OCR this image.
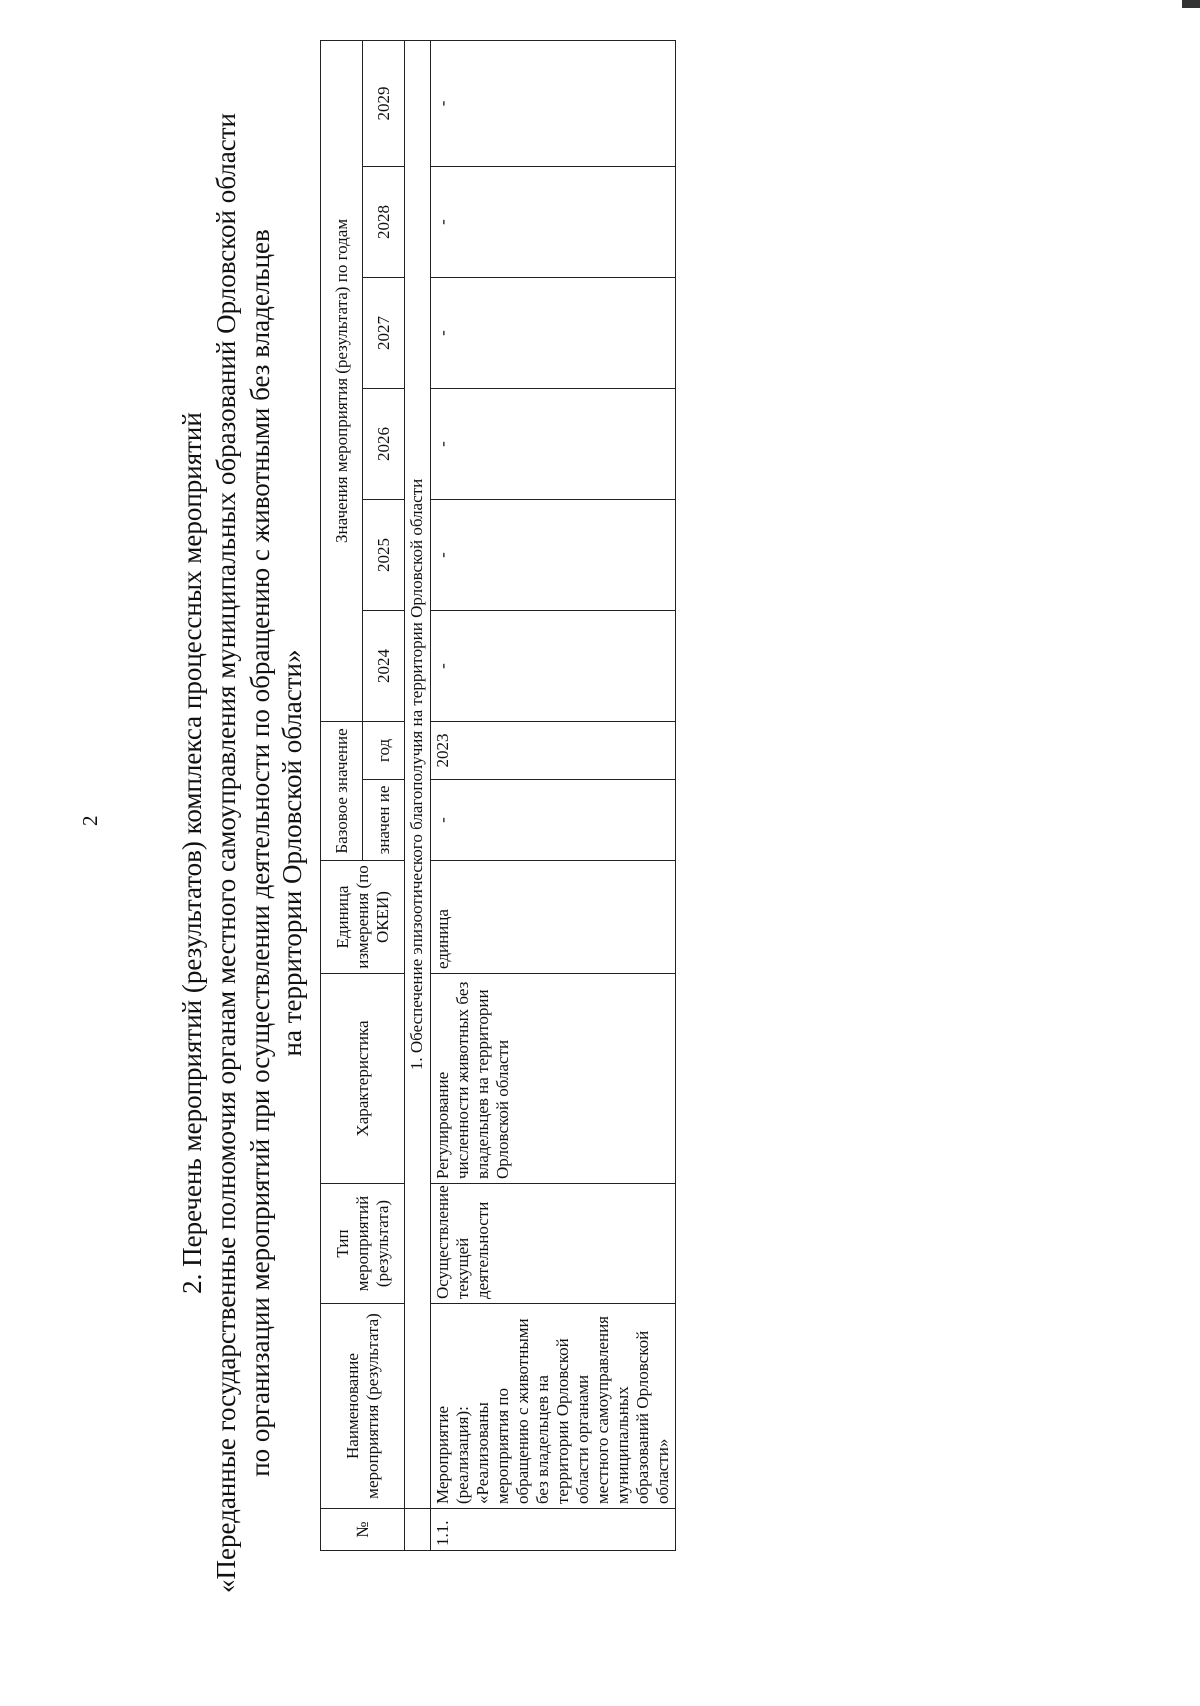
2	2. Перечень мероприятий (результатов) комплекса процессных мероприятий «Переданные государственные полномочия органам местного самоуправления муниципальных образований Орловской области по организации мероприятий при осуществлении деятельности по обращению с животными без владельцев на территории Орловской области»
№	Наименование мероприятия (результата)	Тип мероприятий (результата)	Характеристика	Единица измерения (по ОКЕИ)	Базовое значение		Значения мероприятия (результата) по годам					
					значен ие	год	2024	2025	2026	2027	2028	2029
	1. Обеспечение эпизоотического благополучия на территории Орловской области											
1.1.	Мероприятие (реализация): «Реализованы мероприятия по обращению с животными без владельцев на территории Орловской области органами местного самоуправления муниципальных образований Орловской области»	Осуществление текущей деятельности	Регулирование численности животных без владельцев на территории Орловской области	единица	-	2023	-	-	-	-	-	-
